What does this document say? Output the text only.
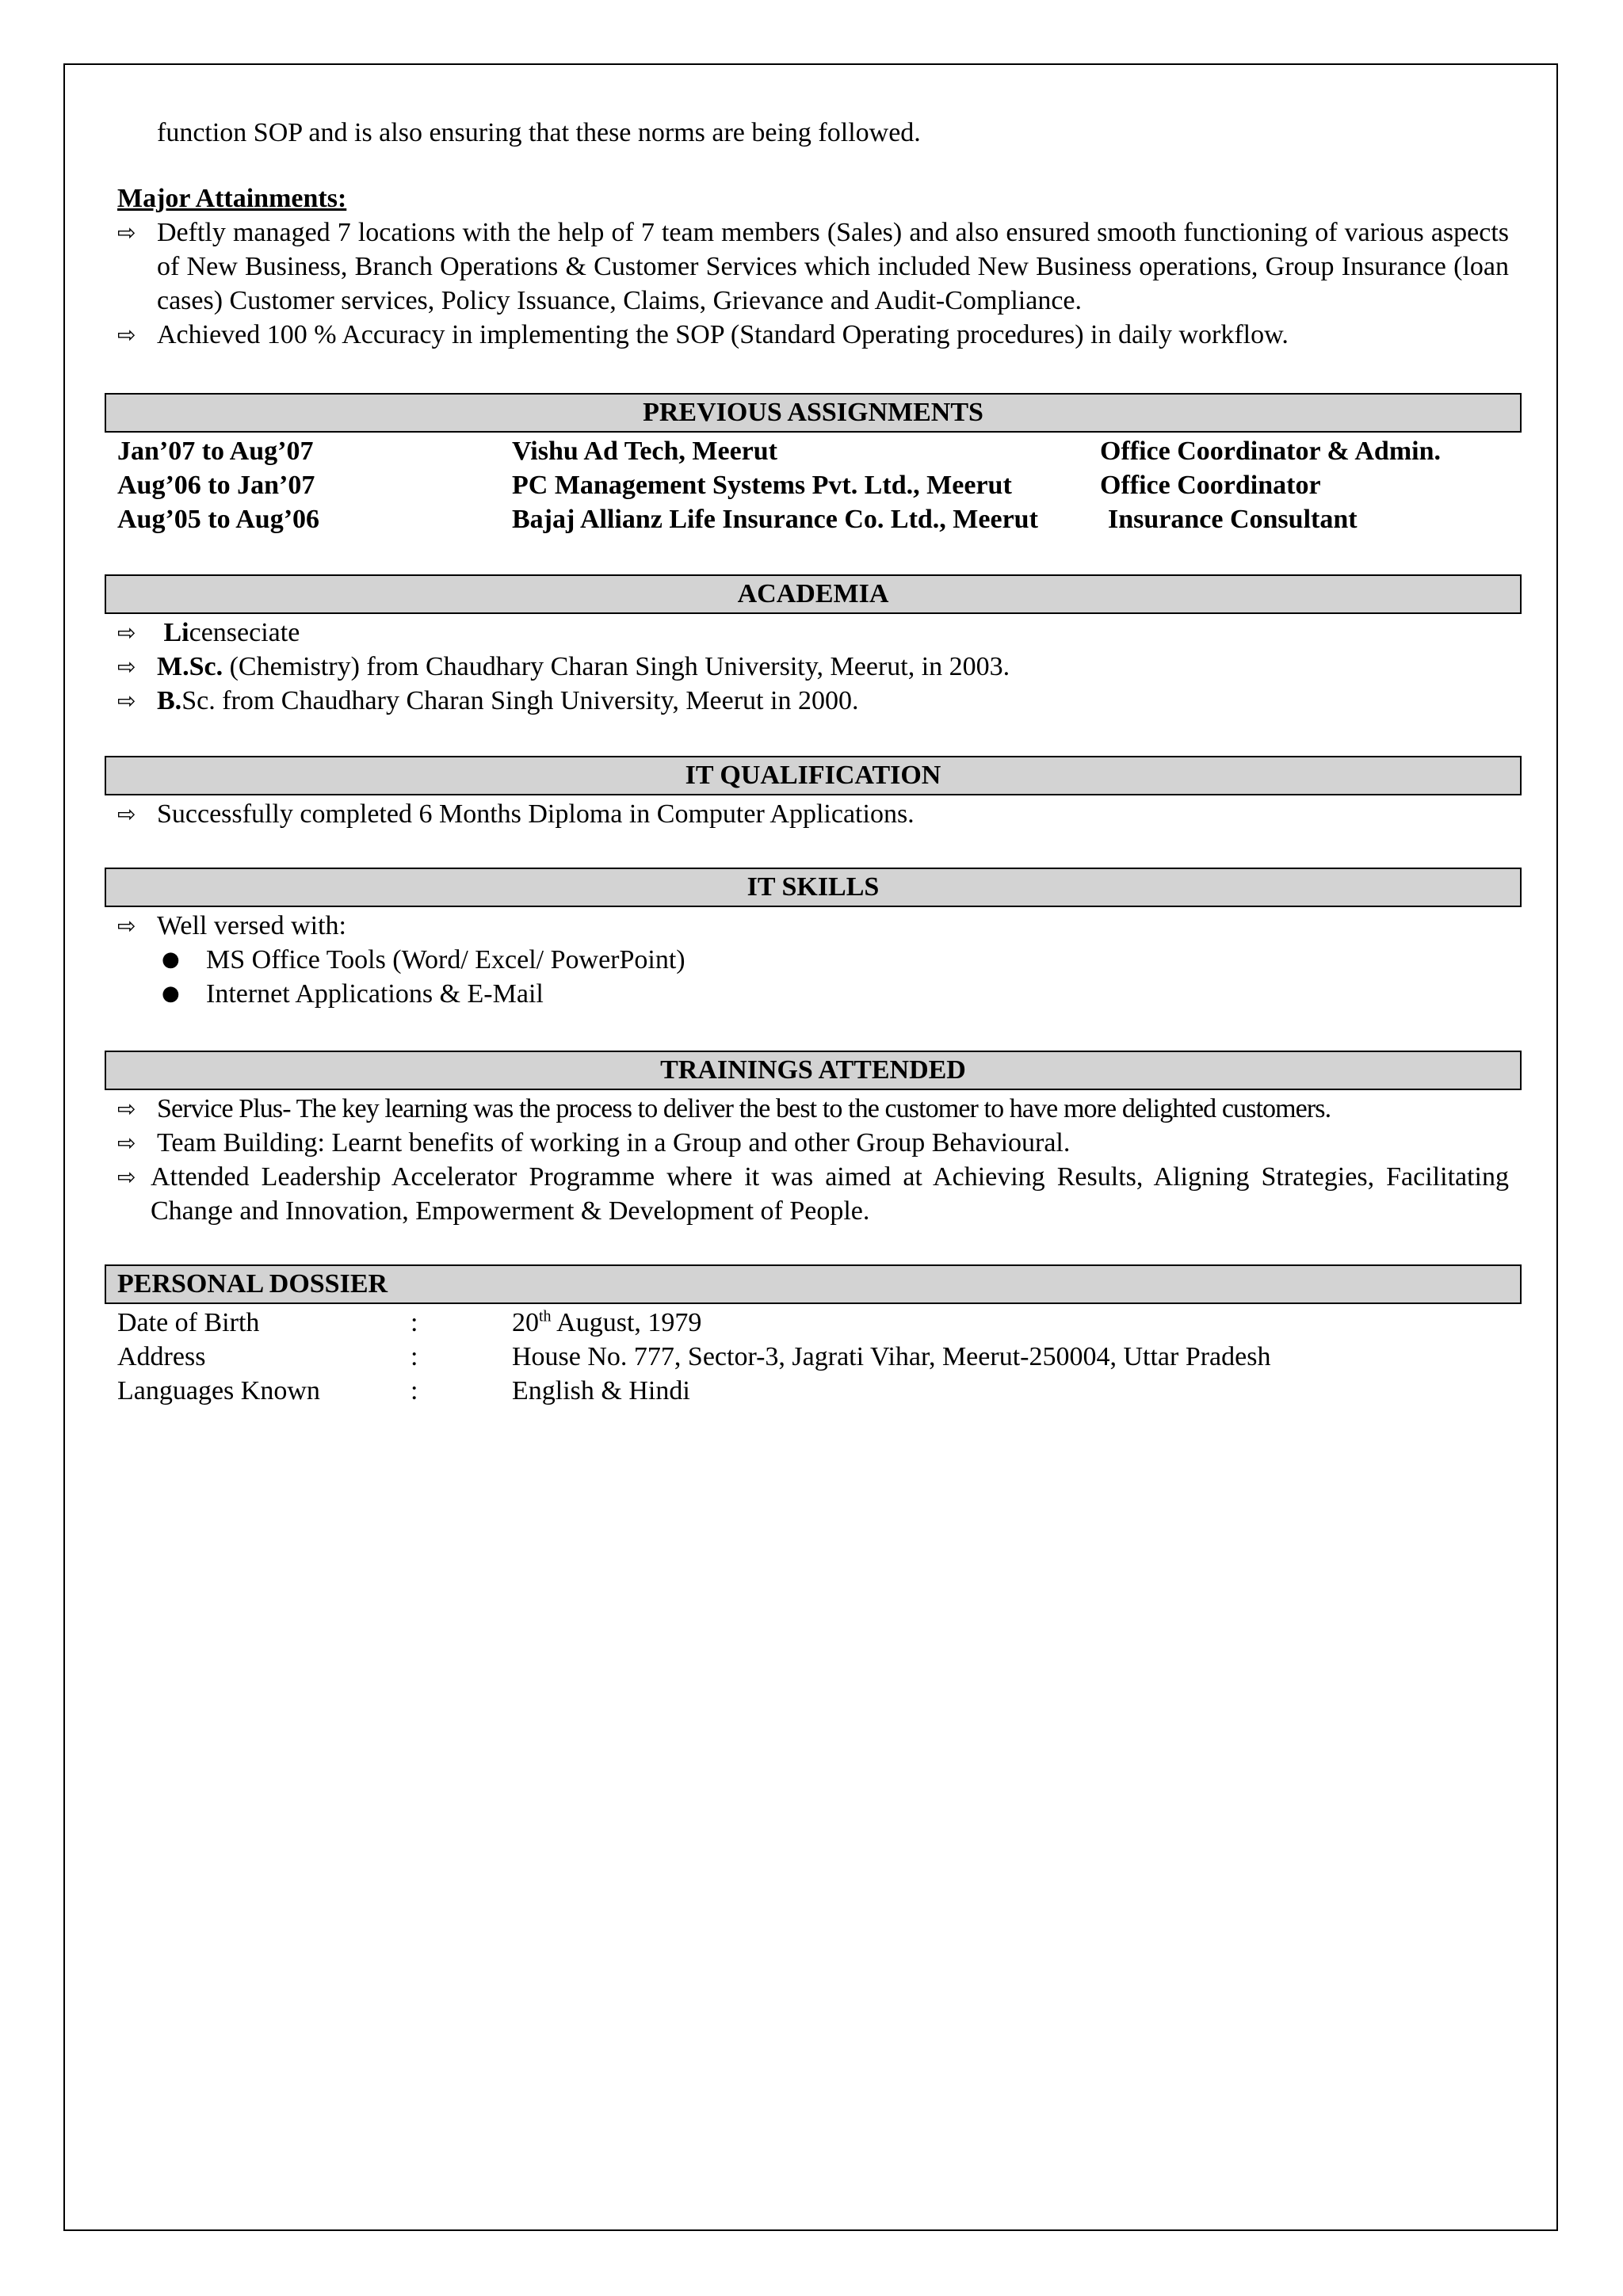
function SOP and is also ensuring that these norms are being followed.
Major Attainments:
⇨ Deftly managed 7 locations with the help of 7 team members (Sales) and also ensured smooth functioning of various aspects of New Business, Branch Operations & Customer Services which included New Business operations, Group Insurance (loan cases) Customer services, Policy Issuance, Claims, Grievance and Audit-Compliance.
⇨ Achieved 100 % Accuracy in implementing the SOP (Standard Operating procedures) in daily workflow.
PREVIOUS ASSIGNMENTS
Jan’07 to Aug’07	Vishu Ad Tech, Meerut	Office Coordinator & Admin.
Aug’06 to Jan’07	PC Management Systems Pvt. Ltd., Meerut	Office Coordinator
Aug’05 to Aug’06	Bajaj Allianz Life Insurance Co. Ltd., Meerut	Insurance Consultant
ACADEMIA
⇨	Licenseciate
⇨ M.Sc. (Chemistry) from Chaudhary Charan Singh University, Meerut, in 2003.
⇨ B.Sc. from Chaudhary Charan Singh University, Meerut in 2000.
IT QUALIFICATION
⇨ Successfully completed 6 Months Diploma in Computer Applications.
IT SKILLS
⇨ Well versed with:
● MS Office Tools (Word/ Excel/ PowerPoint)
● Internet Applications & E-Mail
TRAININGS ATTENDED
⇨ Service Plus- The key learning was the process to deliver the best to the customer to have more delighted customers.
⇨ Team Building: Learnt benefits of working in a Group and other Group Behavioural.
⇨ Attended Leadership Accelerator Programme where it was aimed at Achieving Results, Aligning Strategies, Facilitating Change and Innovation, Empowerment & Development of People.
PERSONAL DOSSIER
Date of Birth	:	20th August, 1979
Address	:	House No. 777, Sector-3, Jagrati Vihar, Meerut-250004, Uttar Pradesh
Languages Known	:	English & Hindi
